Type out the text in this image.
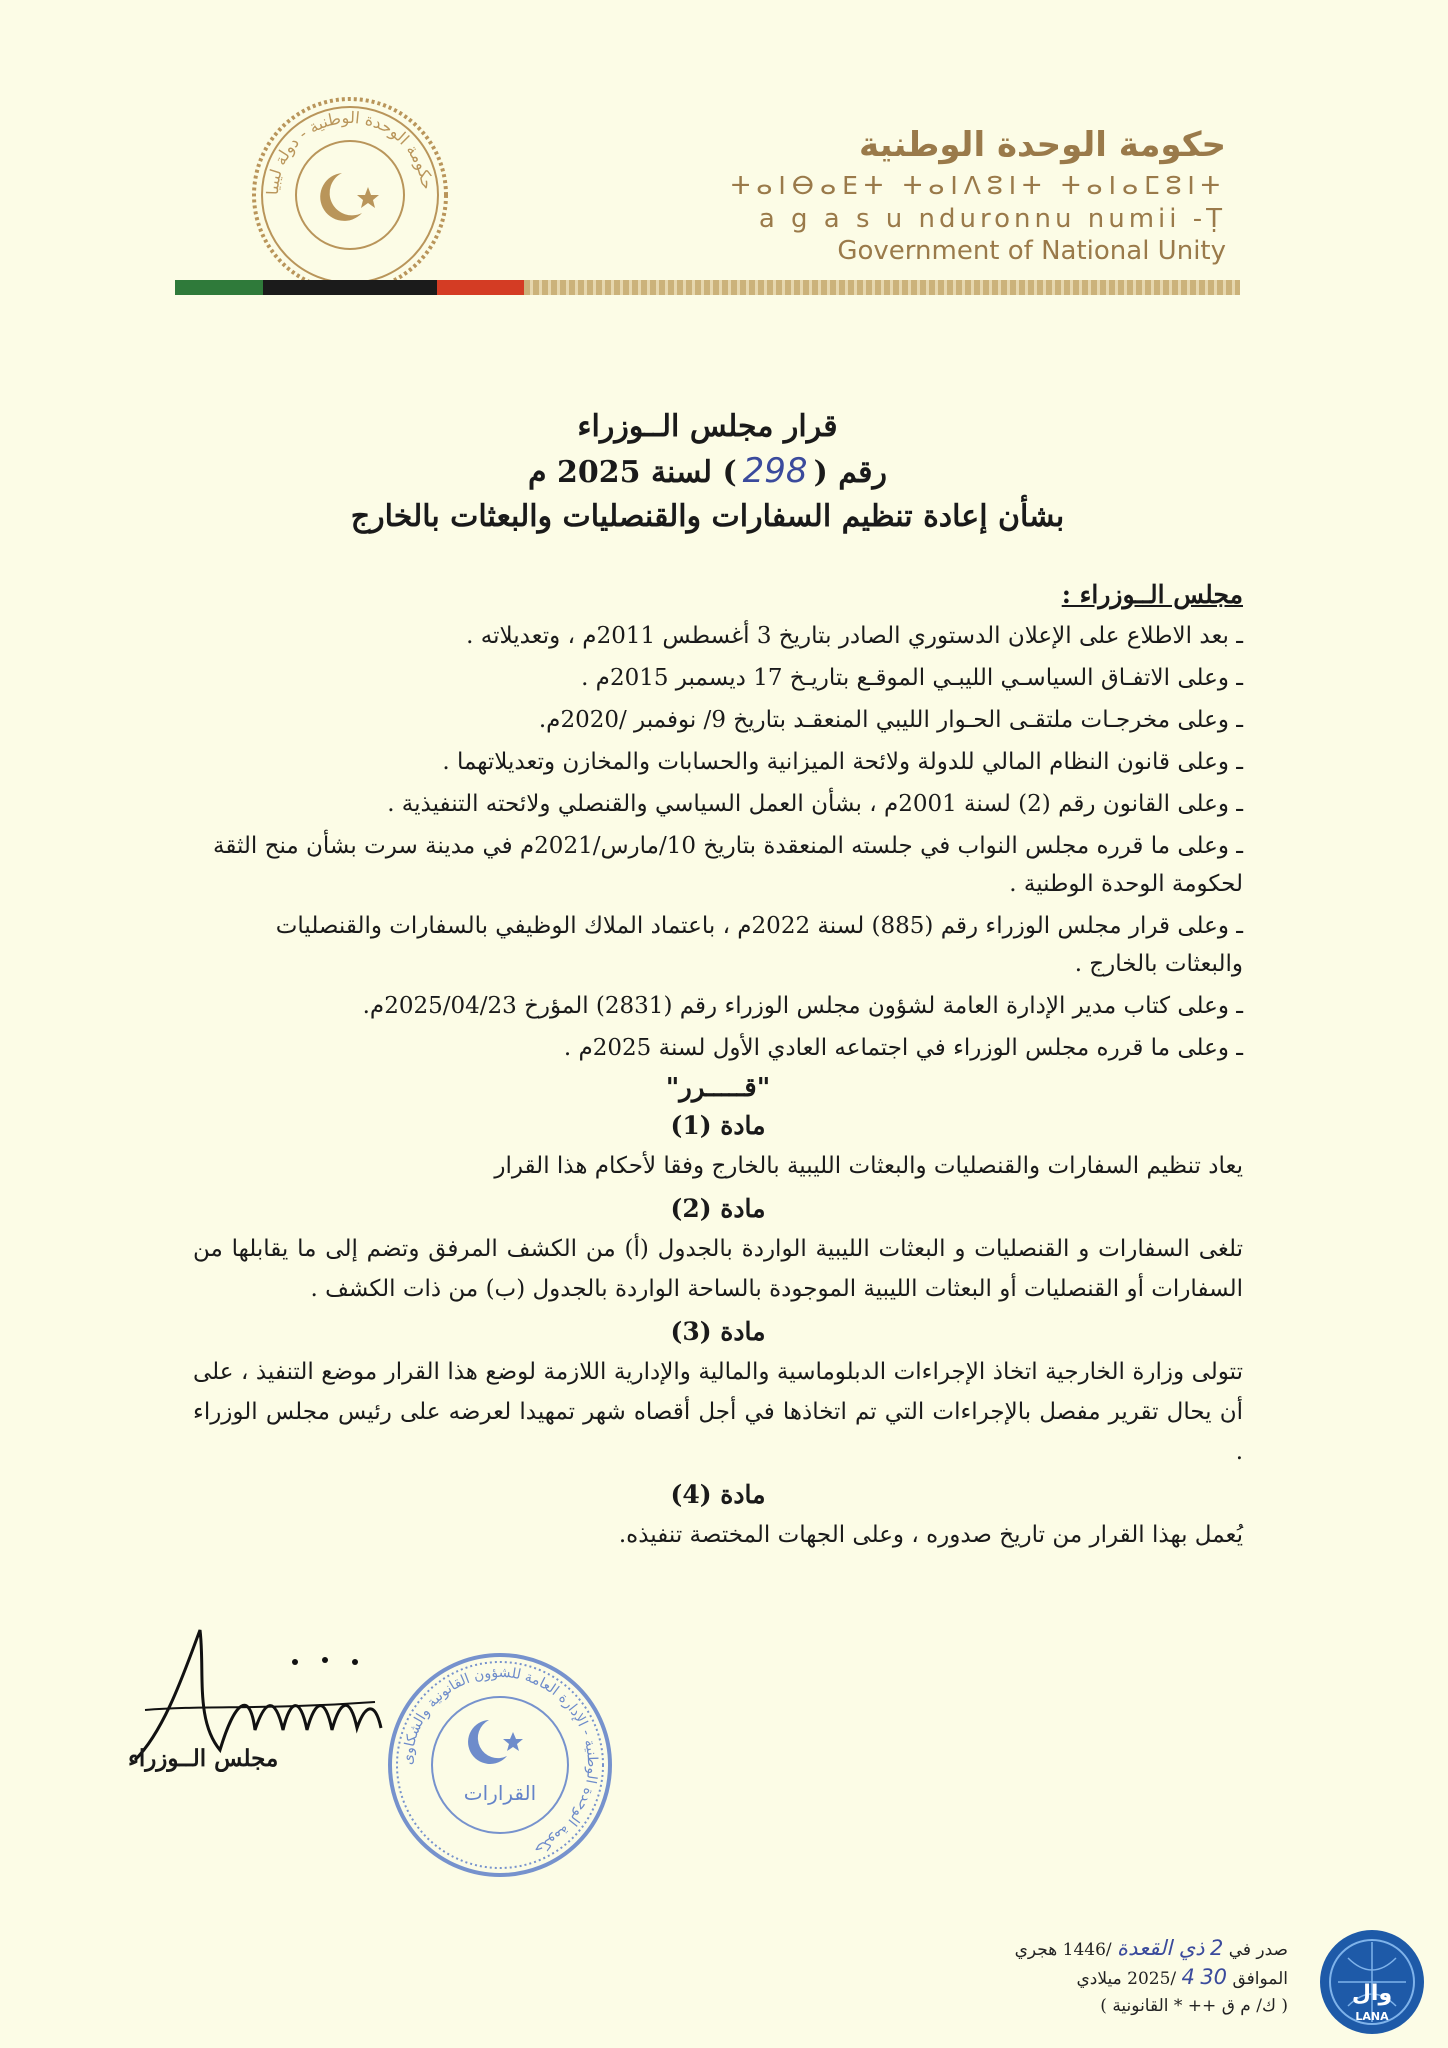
حكومة الوحدة الوطنية - دولة ليبيا
حكومة الوحدة الوطنية
ⵜⴰⵏⴱⴰⴹⵜ ⵜⴰⵏⴷⵓⵏⵜ ⵜⴰⵏⴰⵎⵓⵏⵜ
a g a s u nduronnu numii -Ṭ
Government of National Unity
قرار مجلس الــوزراء
رقم (298) لسنة 2025 م
بشأن إعادة تنظيم السفارات والقنصليات والبعثات بالخارج
مجلس الــوزراء :
ـ بعد الاطلاع على الإعلان الدستوري الصادر بتاريخ 3 أغسطس 2011م ، وتعديلاته .
ـ وعلى الاتفـاق السياسـي الليبـي الموقـع بتاريـخ 17 ديسمبر 2015م .
ـ وعلى مخرجـات ملتقـى الحـوار الليبي المنعقـد بتاريخ 9/ نوفمبر /2020م.
ـ وعلى قانون النظام المالي للدولة ولائحة الميزانية والحسابات والمخازن وتعديلاتهما .
ـ وعلى القانون رقم (2) لسنة 2001م ، بشأن العمل السياسي والقنصلي ولائحته التنفيذية .
ـ وعلى ما قرره مجلس النواب في جلسته المنعقدة بتاريخ 10/مارس/2021م في مدينة سرت بشأن منح الثقة لحكومة الوحدة الوطنية .
ـ وعلى قرار مجلس الوزراء رقم (885) لسنة 2022م ، باعتماد الملاك الوظيفي بالسفارات والقنصليات والبعثات بالخارج .
ـ وعلى كتاب مدير الإدارة العامة لشؤون مجلس الوزراء رقم (2831) المؤرخ 2025/04/23م.
ـ وعلى ما قرره مجلس الوزراء في اجتماعه العادي الأول لسنة 2025م .
"قـــــرر"
مادة (1)
يعاد تنظيم السفارات والقنصليات والبعثات الليبية بالخارج وفقا لأحكام هذا القرار
مادة (2)
تلغى السفارات و القنصليات و البعثات الليبية الواردة بالجدول (أ) من الكشف المرفق وتضم إلى ما يقابلها من السفارات أو القنصليات أو البعثات الليبية الموجودة بالساحة الواردة بالجدول (ب) من ذات الكشف .
مادة (3)
تتولى وزارة الخارجية اتخاذ الإجراءات الدبلوماسية والمالية والإدارية اللازمة لوضع هذا القرار موضع التنفيذ ، على أن يحال تقرير مفصل بالإجراءات التي تم اتخاذها في أجل أقصاه شهر تمهيدا لعرضه على رئيس مجلس الوزراء .
مادة (4)
يُعمل بهذا القرار من تاريخ صدوره ، وعلى الجهات المختصة تنفيذه.
مجلس الــوزراء	حكومة الوحدة الوطنية - الإدارة العامة للشؤون القانونية والشكاوى
القرارات
صدر في 2 ذي القعدة /1446 هجري
الموافق 30 4 /2025 ميلادي
( ك/ م ق ++ * القانونية )	وال
LANA
